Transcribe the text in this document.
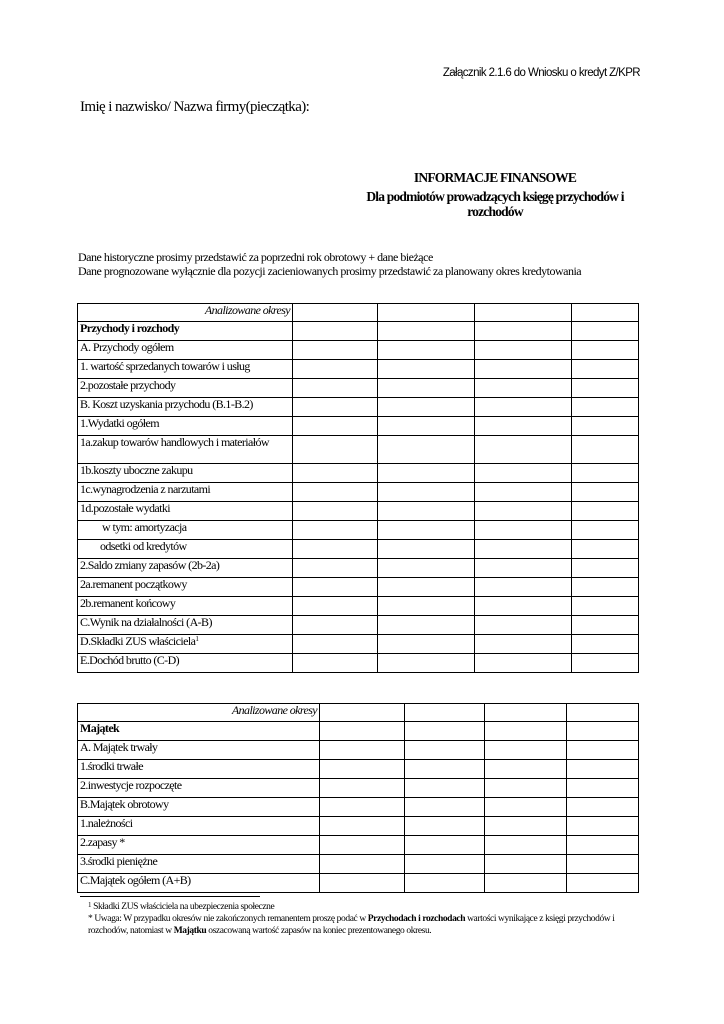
Załącznik 2.1.6 do Wniosku o kredyt Z/KPR
Imię i nazwisko/ Nazwa firmy(pieczątka):
INFORMACJE FINANSOWE
Dla podmiotów prowadzących księgę przychodów i rozchodów
Dane historyczne prosimy przedstawić za poprzedni rok obrotowy + dane bieżące
Dane prognozowane wyłącznie dla pozycji zacieniowanych prosimy przedstawić za planowany okres kredytowania
Analizowane okresy				
Przychody i rozchody				
A. Przychody ogółem				
1. wartość sprzedanych towarów i usług				
2.pozostałe przychody				
B. Koszt uzyskania przychodu (B.1-B.2)				
1.Wydatki ogółem				
1a.zakup towarów handlowych i materiałów				
1b.koszty uboczne zakupu				
1c.wynagrodzenia z narzutami				
1d.pozostałe wydatki				
w tym: amortyzacja				
odsetki od kredytów				
2.Saldo zmiany zapasów (2b-2a)				
2a.remanent początkowy				
2b.remanent końcowy				
C.Wynik na działalności (A-B)				
D.Składki ZUS właściciela$^1$				
E.Dochód brutto (C-D)				
Analizowane okresy				
Majątek				
A. Majątek trwały				
1.środki trwałe				
2.inwestycje rozpoczęte				
B.Majątek obrotowy				
1.należności				
2.zapasy *				
3.środki pieniężne				
C.Majątek ogółem (A+B)				

$^1$ Składki ZUS właściciela na ubezpieczenia społeczne

* Uwaga: W przypadku okresów nie zakończonych remanentem proszę podać w Przychodach i rozchodach wartości wynikające z księgi przychodów i rozchodów, natomiast w Majątku oszacowaną wartość zapasów na koniec prezentowanego okresu.
